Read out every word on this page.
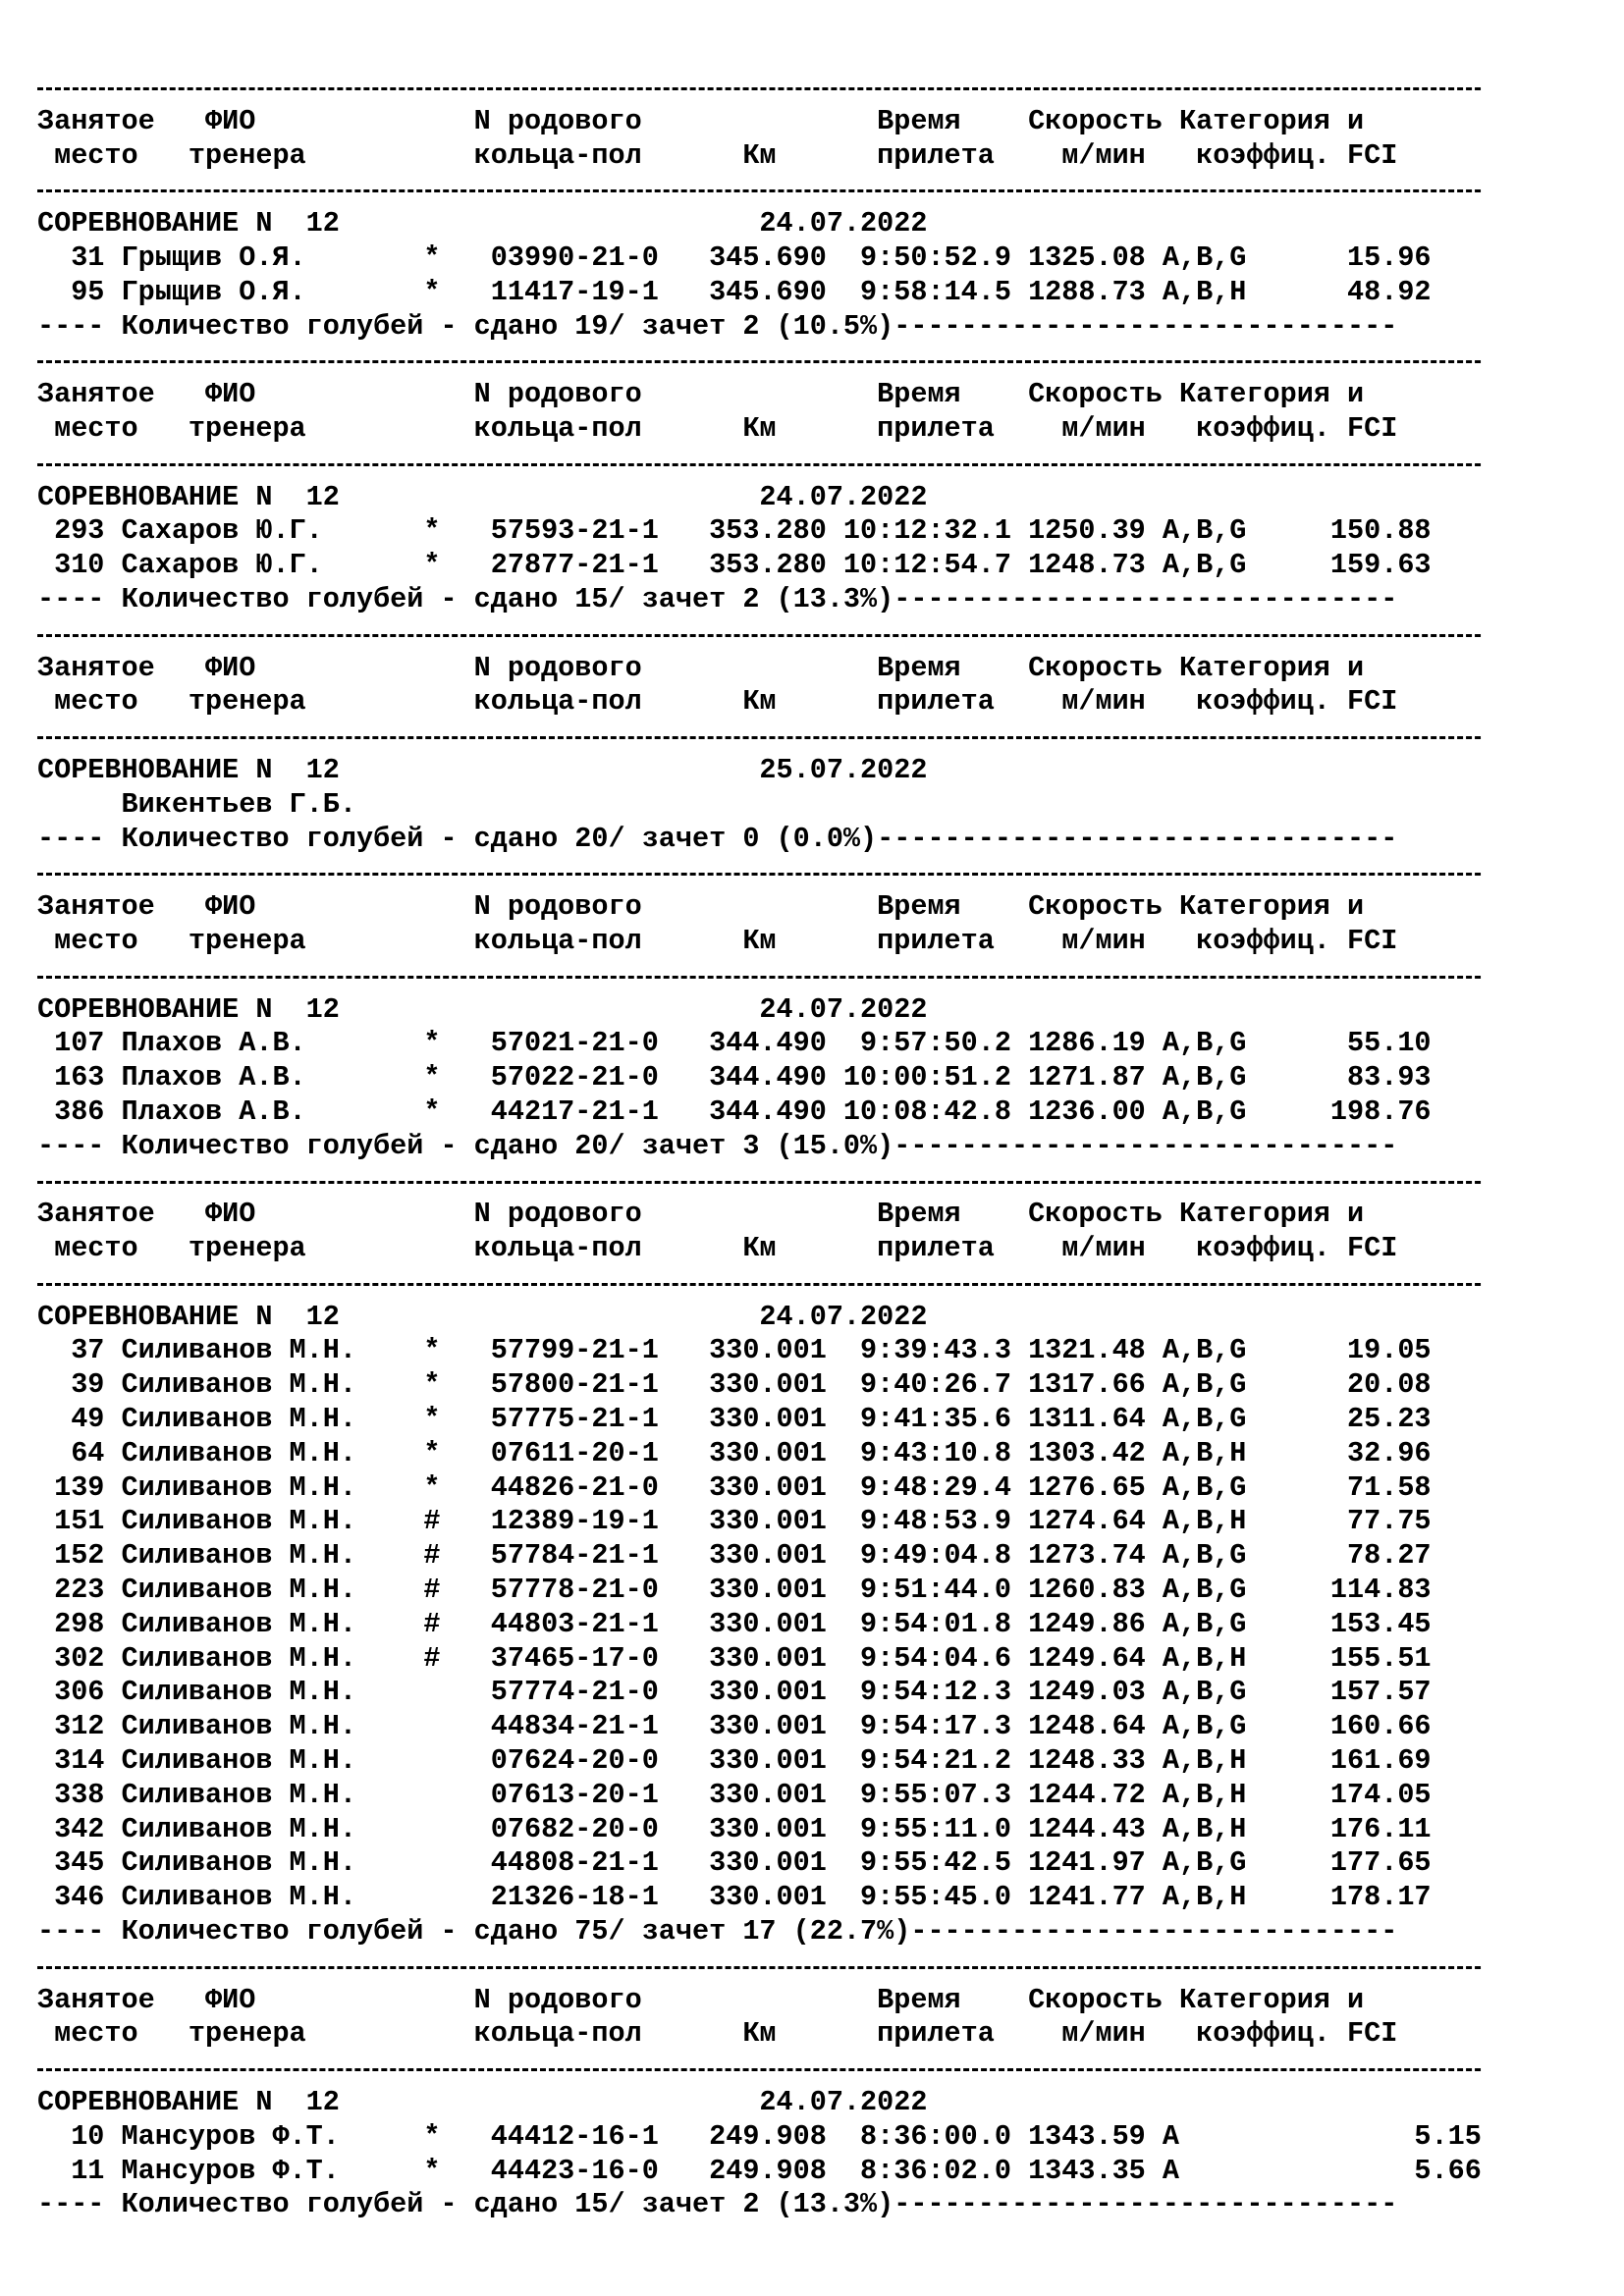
Занятое   ФИО             N родового              Время    Скорость Категория и
место   тренера          кольца-пол      Км      прилета    м/мин   коэффиц. FCI
СОРЕВНОВАНИЕ N  12                         24.07.2022
31 Грыщив О.Я.       *   03990-21-0   345.690  9:50:52.9 1325.08 A,B,G      15.96
95 Грыщив О.Я.       *   11417-19-1   345.690  9:58:14.5 1288.73 A,B,H      48.92
---- Количество голубей - сдано 19/ зачет 2 (10.5%)------------------------------
Занятое   ФИО             N родового              Время    Скорость Категория и
место   тренера          кольца-пол      Км      прилета    м/мин   коэффиц. FCI
СОРЕВНОВАНИЕ N  12                         24.07.2022
293 Сахаров Ю.Г.      *   57593-21-1   353.280 10:12:32.1 1250.39 A,B,G     150.88
310 Сахаров Ю.Г.      *   27877-21-1   353.280 10:12:54.7 1248.73 A,B,G     159.63
---- Количество голубей - сдано 15/ зачет 2 (13.3%)------------------------------
Занятое   ФИО             N родового              Время    Скорость Категория и
место   тренера          кольца-пол      Км      прилета    м/мин   коэффиц. FCI
СОРЕВНОВАНИЕ N  12                         25.07.2022
Викентьев Г.Б.
---- Количество голубей - сдано 20/ зачет 0 (0.0%)-------------------------------
Занятое   ФИО             N родового              Время    Скорость Категория и
место   тренера          кольца-пол      Км      прилета    м/мин   коэффиц. FCI
СОРЕВНОВАНИЕ N  12                         24.07.2022
107 Плахов А.В.       *   57021-21-0   344.490  9:57:50.2 1286.19 A,B,G      55.10
163 Плахов А.В.       *   57022-21-0   344.490 10:00:51.2 1271.87 A,B,G      83.93
386 Плахов А.В.       *   44217-21-1   344.490 10:08:42.8 1236.00 A,B,G     198.76
---- Количество голубей - сдано 20/ зачет 3 (15.0%)------------------------------
Занятое   ФИО             N родового              Время    Скорость Категория и
место   тренера          кольца-пол      Км      прилета    м/мин   коэффиц. FCI
СОРЕВНОВАНИЕ N  12                         24.07.2022
37 Силиванов М.Н.    *   57799-21-1   330.001  9:39:43.3 1321.48 A,B,G      19.05
39 Силиванов М.Н.    *   57800-21-1   330.001  9:40:26.7 1317.66 A,B,G      20.08
49 Силиванов М.Н.    *   57775-21-1   330.001  9:41:35.6 1311.64 A,B,G      25.23
64 Силиванов М.Н.    *   07611-20-1   330.001  9:43:10.8 1303.42 A,B,H      32.96
139 Силиванов М.Н.    *   44826-21-0   330.001  9:48:29.4 1276.65 A,B,G      71.58
151 Силиванов М.Н.    #   12389-19-1   330.001  9:48:53.9 1274.64 A,B,H      77.75
152 Силиванов М.Н.    #   57784-21-1   330.001  9:49:04.8 1273.74 A,B,G      78.27
223 Силиванов М.Н.    #   57778-21-0   330.001  9:51:44.0 1260.83 A,B,G     114.83
298 Силиванов М.Н.    #   44803-21-1   330.001  9:54:01.8 1249.86 A,B,G     153.45
302 Силиванов М.Н.    #   37465-17-0   330.001  9:54:04.6 1249.64 A,B,H     155.51
306 Силиванов М.Н.        57774-21-0   330.001  9:54:12.3 1249.03 A,B,G     157.57
312 Силиванов М.Н.        44834-21-1   330.001  9:54:17.3 1248.64 A,B,G     160.66
314 Силиванов М.Н.        07624-20-0   330.001  9:54:21.2 1248.33 A,B,H     161.69
338 Силиванов М.Н.        07613-20-1   330.001  9:55:07.3 1244.72 A,B,H     174.05
342 Силиванов М.Н.        07682-20-0   330.001  9:55:11.0 1244.43 A,B,H     176.11
345 Силиванов М.Н.        44808-21-1   330.001  9:55:42.5 1241.97 A,B,G     177.65
346 Силиванов М.Н.        21326-18-1   330.001  9:55:45.0 1241.77 A,B,H     178.17
---- Количество голубей - сдано 75/ зачет 17 (22.7%)-----------------------------
Занятое   ФИО             N родового              Время    Скорость Категория и
место   тренера          кольца-пол      Км      прилета    м/мин   коэффиц. FCI
СОРЕВНОВАНИЕ N  12                         24.07.2022
10 Мансуров Ф.Т.     *   44412-16-1   249.908  8:36:00.0 1343.59 A              5.15
11 Мансуров Ф.Т.     *   44423-16-0   249.908  8:36:02.0 1343.35 A              5.66
---- Количество голубей - сдано 15/ зачет 2 (13.3%)------------------------------
